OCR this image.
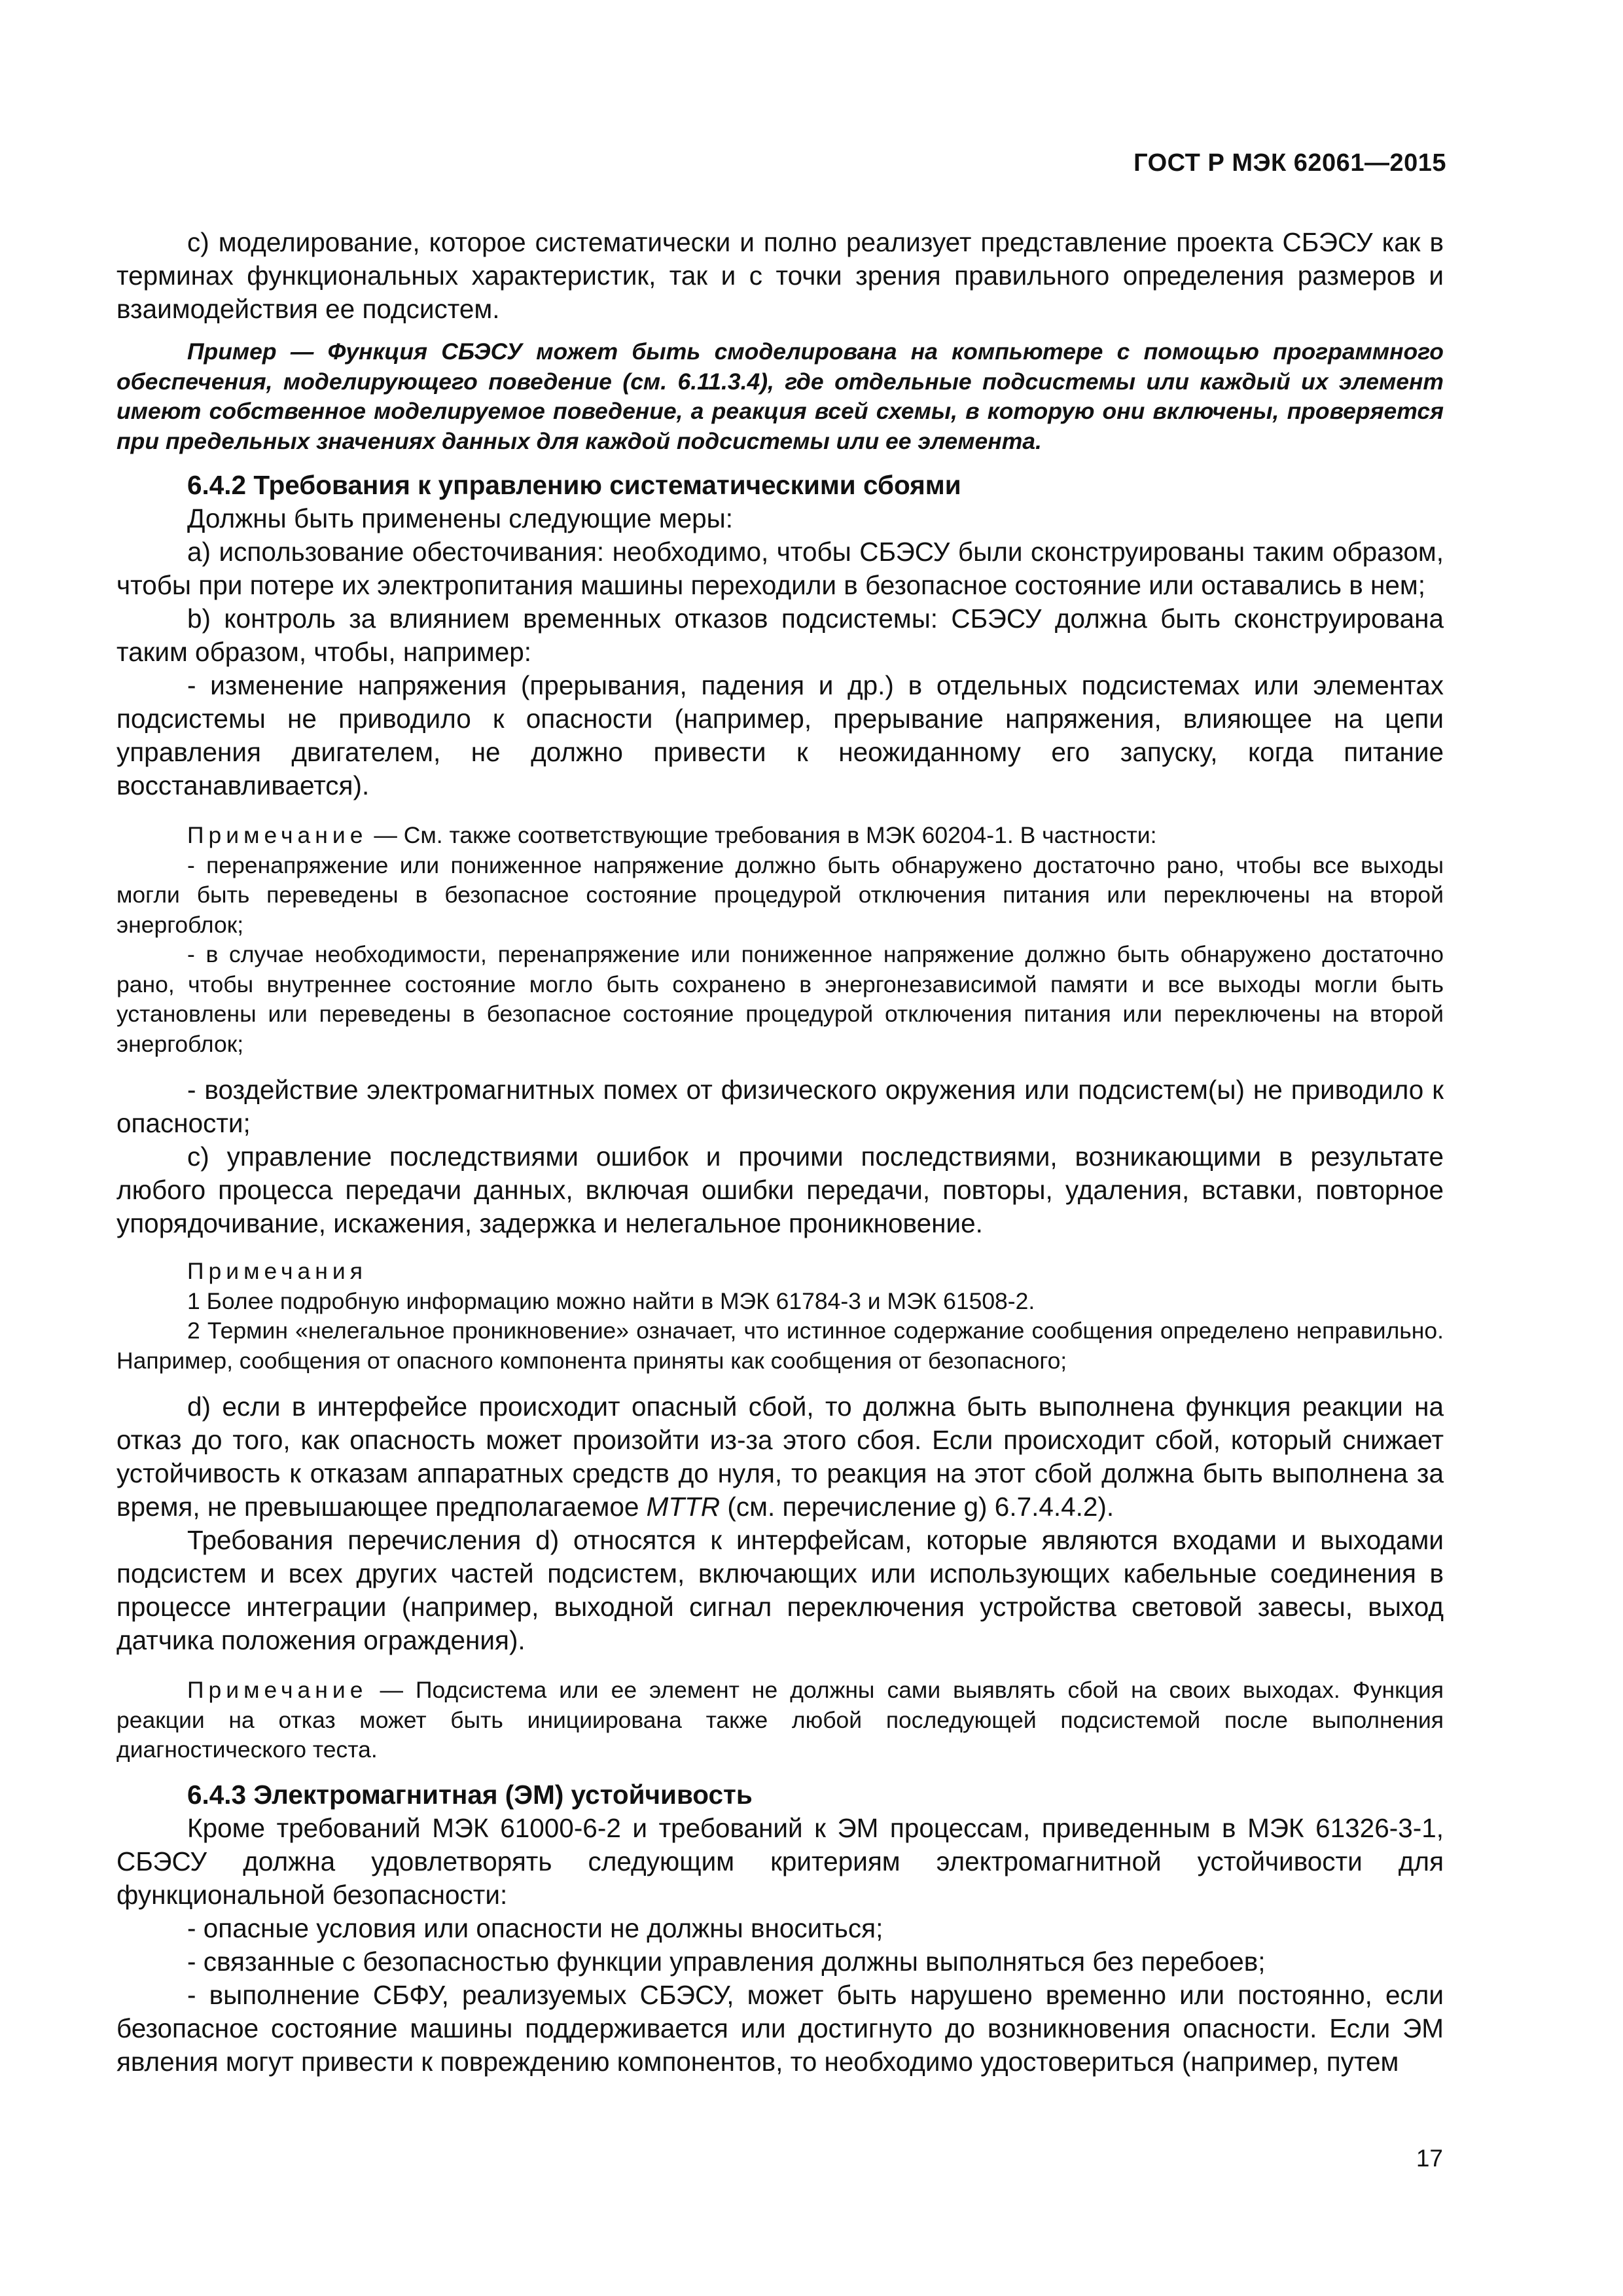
ГОСТ Р МЭК 62061—2015

c) моделирование, которое систематически и полно реализует представление проекта СБЭСУ как в терминах функциональных характеристик, так и с точки зрения правильного определения размеров и взаимодействия ее подсистем.

Пример — Функция СБЭСУ может быть смоделирована на компьютере с помощью программного обеспечения, моделирующего поведение (см. 6.11.3.4), где отдельные подсистемы или каждый их элемент имеют собственное моделируемое поведение, а реакция всей схемы, в которую они включены, проверяется при предельных значениях данных для каждой подсистемы или ее элемента.

6.4.2 Требования к управлению систематическими сбоями

Должны быть применены следующие меры:

a) использование обесточивания: необходимо, чтобы СБЭСУ были сконструированы таким образом, чтобы при потере их электропитания машины переходили в безопасное состояние или оставались в нем;

b) контроль за влиянием временных отказов подсистемы: СБЭСУ должна быть сконструирована таким образом, чтобы, например:

- изменение напряжения (прерывания, падения и др.) в отдельных подсистемах или элементах подсистемы не приводило к опасности (например, прерывание напряжения, влияющее на цепи управления двигателем, не должно привести к неожиданному его запуску, когда питание восстанавливается).

Примечание — См. также соответствующие требования в МЭК 60204-1. В частности:

- перенапряжение или пониженное напряжение должно быть обнаружено достаточно рано, чтобы все выходы могли быть переведены в безопасное состояние процедурой отключения питания или переключены на второй энергоблок;

- в случае необходимости, перенапряжение или пониженное напряжение должно быть обнаружено достаточно рано, чтобы внутреннее состояние могло быть сохранено в энергонезависимой памяти и все выходы могли быть установлены или переведены в безопасное состояние процедурой отключения питания или переключены на второй энергоблок;

- воздействие электромагнитных помех от физического окружения или подсистем(ы) не приводило к опасности;

c) управление последствиями ошибок и прочими последствиями, возникающими в результате любого процесса передачи данных, включая ошибки передачи, повторы, удаления, вставки, повторное упорядочивание, искажения, задержка и нелегальное проникновение.

Примечания

1 Более подробную информацию можно найти в МЭК 61784-3 и МЭК 61508-2.

2 Термин «нелегальное проникновение» означает, что истинное содержание сообщения определено неправильно. Например, сообщения от опасного компонента приняты как сообщения от безопасного;

d) если в интерфейсе происходит опасный сбой, то должна быть выполнена функция реакции на отказ до того, как опасность может произойти из-за этого сбоя. Если происходит сбой, который снижает устойчивость к отказам аппаратных средств до нуля, то реакция на этот сбой должна быть выполнена за время, не превышающее предполагаемое MTTR (см. перечисление g) 6.7.4.4.2).

Требования перечисления d) относятся к интерфейсам, которые являются входами и выходами подсистем и всех других частей подсистем, включающих или использующих кабельные соединения в процессе интеграции (например, выходной сигнал переключения устройства световой завесы, выход датчика положения ограждения).

Примечание — Подсистема или ее элемент не должны сами выявлять сбой на своих выходах. Функция реакции на отказ может быть инициирована также любой последующей подсистемой после выполнения диагностического теста.

6.4.3 Электромагнитная (ЭМ) устойчивость

Кроме требований МЭК 61000-6-2 и требований к ЭМ процессам, приведенным в МЭК 61326-3-1, СБЭСУ должна удовлетворять следующим критериям электромагнитной устойчивости для функциональной безопасности:

- опасные условия или опасности не должны вноситься;

- связанные с безопасностью функции управления должны выполняться без перебоев;

- выполнение СБФУ, реализуемых СБЭСУ, может быть нарушено временно или постоянно, если безопасное состояние машины поддерживается или достигнуто до возникновения опасности. Если ЭМ явления могут привести к повреждению компонентов, то необходимо удостовериться (например, путем

17
